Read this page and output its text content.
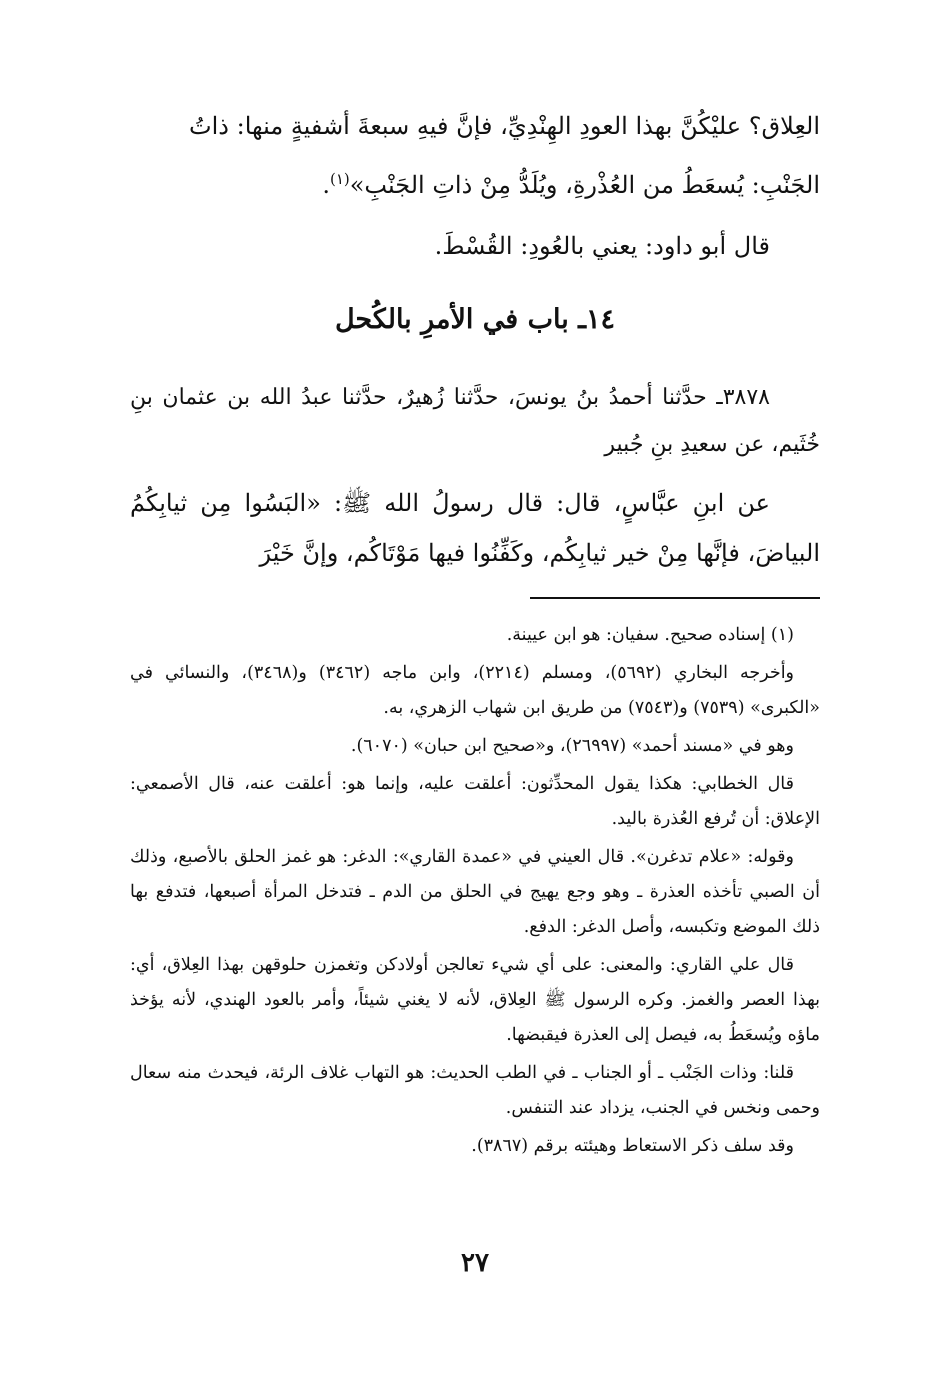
العِلاق؟ عليْكُنَّ بهذا العودِ الهِنْدِيِّ، فإنَّ فيهِ سبعةَ أشفيةٍ منها: ذاتُ

الجَنْبِ: يُسعَطُ من العُذْرةِ، ويُلَدُّ مِنْ ذاتِ الجَنْبِ»$^{(١)}$.

قال أبو داود: يعني بالعُودِ: القُسْطَ.

١٤ـ باب في الأمرِ بالكُحل

٣٨٧٨ـ حدَّثنا أحمدُ بنُ يونسَ، حدَّثنا زُهيرٌ، حدَّثنا عبدُ الله بن عثمان بنِ خُثَيم، عن سعيدِ بنِ جُبير

عن ابنِ عبَّاسٍ، قال: قال رسولُ الله ﷺ: «البَسُوا مِن ثيابِكُمُ البياضَ، فإنَّها مِنْ خير ثيابِكُم، وكَفِّنُوا فيها مَوْتَاكُم، وإنَّ خَيْرَ

(١) إسناده صحيح. سفيان: هو ابن عيينة.

وأخرجه البخاري (٥٦٩٢)، ومسلم (٢٢١٤)، وابن ماجه (٣٤٦٢) و(٣٤٦٨)، والنسائي في «الكبرى» (٧٥٣٩) و(٧٥٤٣) من طريق ابن شهاب الزهري، به.

وهو في «مسند أحمد» (٢٦٩٩٧)، و«صحيح ابن حبان» (٦٠٧٠).

قال الخطابي: هكذا يقول المحدِّثون: أعلقت عليه، وإنما هو: أعلقت عنه، قال الأصمعي: الإعلاق: أن تُرفع العُذرة باليد.

وقوله: «علام تدغرن». قال العيني في «عمدة القاري»: الدغر: هو غمز الحلق بالأصبع، وذلك أن الصبي تأخذه العذرة ـ وهو وجع يهيج في الحلق من الدم ـ فتدخل المرأة أصبعها، فتدفع بها ذلك الموضع وتكبسه، وأصل الدغر: الدفع.

قال علي القاري: والمعنى: على أي شيء تعالجن أولادكن وتغمزن حلوقهن بهذا العِلاق، أي: بهذا العصر والغمز. وكره الرسول ﷺ العِلاق، لأنه لا يغني شيئاً، وأمر بالعود الهندي، لأنه يؤخذ ماؤه ويُسعَطُ به، فيصل إلى العذرة فيقبضها.

قلنا: وذات الجَنْب ـ أو الجناب ـ في الطب الحديث: هو التهاب غلاف الرئة، فيحدث منه سعال وحمى ونخس في الجنب، يزداد عند التنفس.

وقد سلف ذكر الاستعاط وهيئته برقم (٣٨٦٧).

٢٧
